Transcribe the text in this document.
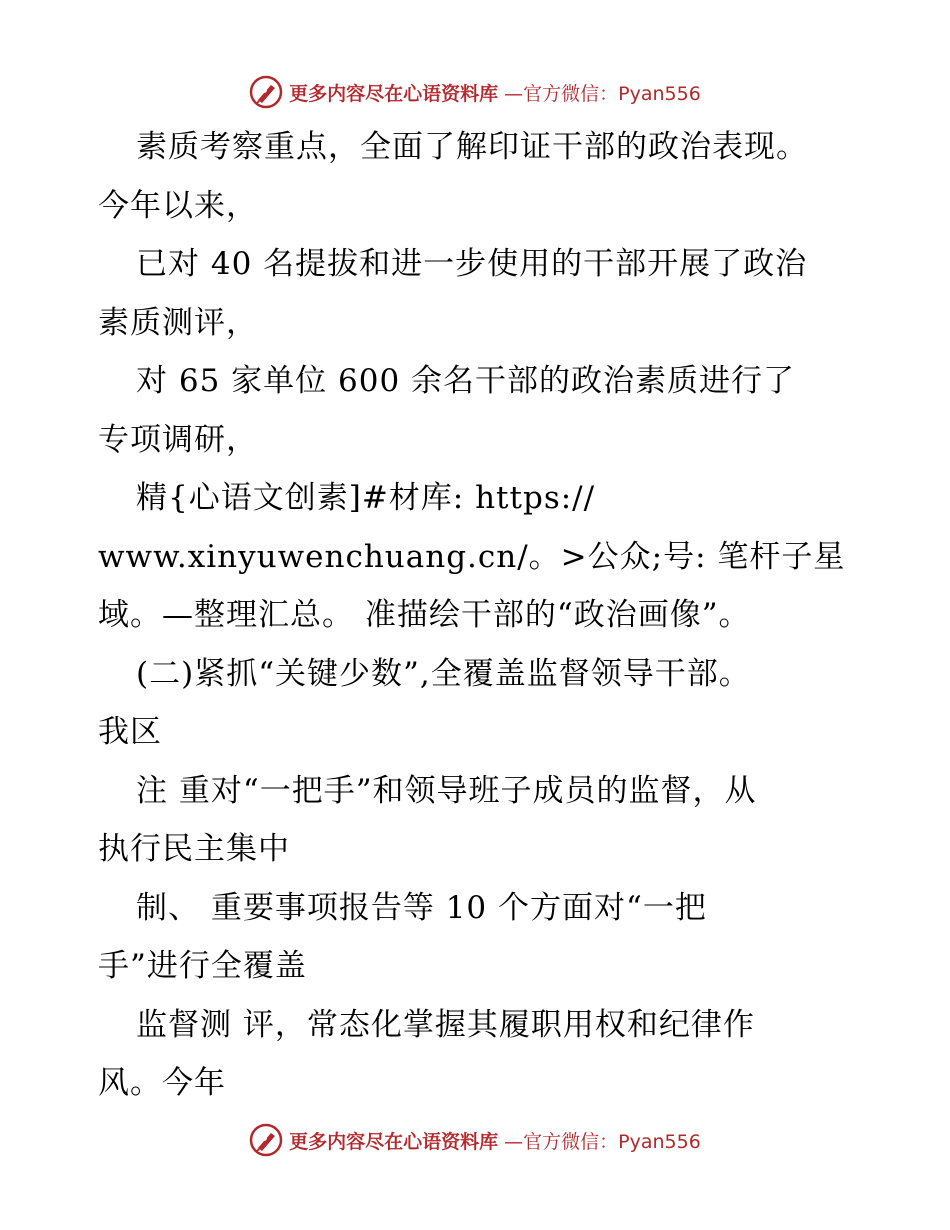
更多内容尽在心语资料库 —官方微信：Pyan556
素质考察重点，全面了解印证干部的政治表现。
今年以来，
已对 40 名提拔和进一步使用的干部开展了政治
素质测评，
对 65 家单位 600 余名干部的政治素质进行了
专项调研，
精{心语文创素]#材库: https://
www.xinyuwenchuang.cn/。>公众;号: 笔杆子星
域。—整理汇总。 准描绘干部的“政治画像”。
(二)紧抓“关键少数”,全覆盖监督领导干部。
我区
注 重对“一把手”和领导班子成员的监督，从
执行民主集中
制、 重要事项报告等 10 个方面对“一把
手”进行全覆盖
监督测 评，常态化掌握其履职用权和纪律作
风。今年
更多内容尽在心语资料库 —官方微信：Pyan556
